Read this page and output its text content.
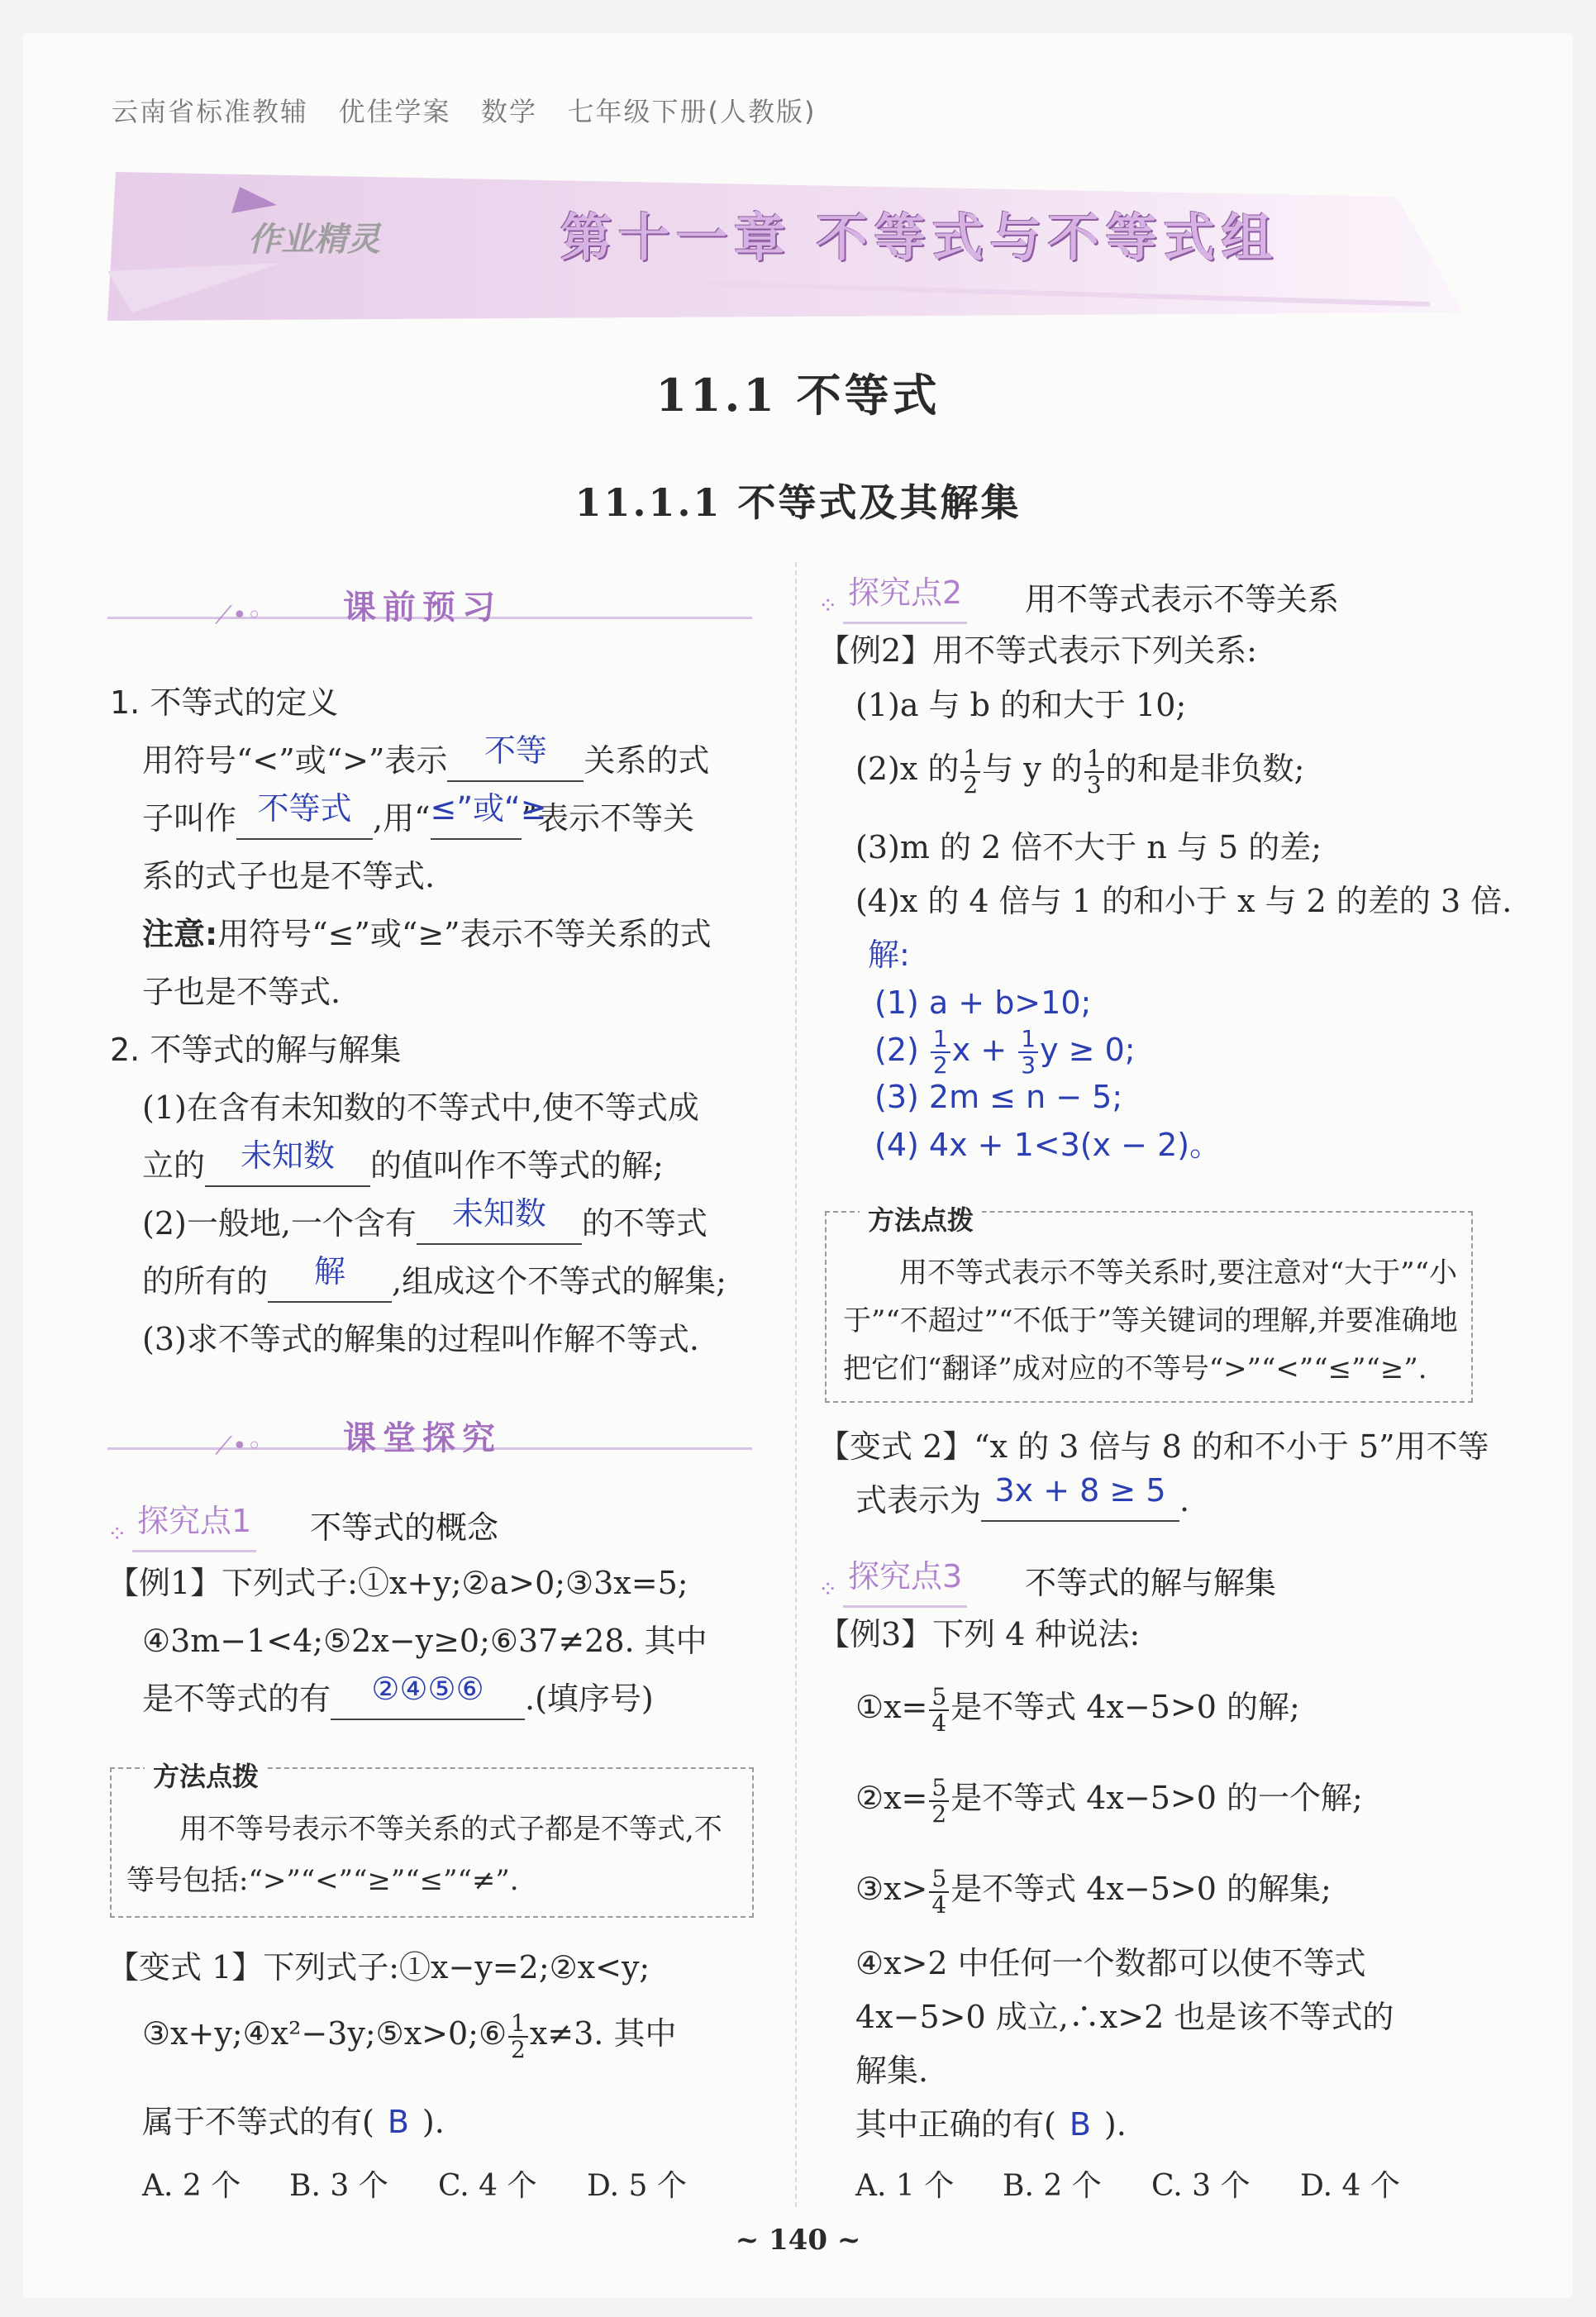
云南省标准教辅   优佳学案   数学   七年级下册(人教版)
作业精灵	第十一章 不等式与不等式组
11.1 不等式
11.1.1 不等式及其解集
⟋•◦ 课前预习
1. 不等式的定义
用符号“<”或“>”表示 不等 关系的式
子叫作 不等式 ,用“≤”或“≥”表示不等关
系的式子也是不等式.
注意:用符号“≤”或“≥”表示不等关系的式
子也是不等式.
2. 不等式的解与解集
(1)在含有未知数的不等式中,使不等式成
立的 未知数 的值叫作不等式的解;
(2)一般地,一个含有 未知数 的不等式
的所有的 解 ,组成这个不等式的解集;
(3)求不等式的解集的过程叫作解不等式.
⟋•◦ 课堂探究
⁘ 探究点1 不等式的概念
【例1】下列式子:①x+y;②a>0;③3x=5;
④3m−1<4;⑤2x−y≥0;⑥37≠28. 其中
是不等式的有 ②④⑤⑥ .(填序号)
方法点拨
用不等号表示不等关系的式子都是不等式,不
等号包括:“>”“<”“≥”“≤”“≠”.
【变式 1】下列式子:①x−y=2;②x<y;
③x+y;④x²−3y;⑤x>0;⑥ $\frac{1}{2} x\ne 3$. 其中
属于不等式的有( B ).
A. 2 个 B. 3 个 C. 4 个 D. 5 个
⁘ 探究点2 用不等式表示不等关系
【例2】用不等式表示下列关系:
(1)a 与 b 的和大于 10;
(2)x 的 $\frac{1}{2}$ 与 y 的 $\frac{1}{3}$ 的和是非负数;
(3)m 的 2 倍不大于 n 与 5 的差;
(4)x 的 4 倍与 1 的和小于 x 与 2 的差的 3 倍.
解:
(1) a + b>10;
$(2) \frac{1}{2}$ $x + \frac{1}{3}$ y ≥ 0;
(3) 2m ≤ n − 5;
(4) 4x + 1<3(x − 2)。
方法点拨
用不等式表示不等关系时,要注意对“大于”“小
于”“不超过”“不低于”等关键词的理解,并要准确地
把它们“翻译”成对应的不等号“>”“<”“≤”“≥”.
【变式 2】“x 的 3 倍与 8 的和不小于 5”用不等
式表示为 3x + 8 ≥ 5 .
⁘ 探究点3 不等式的解与解集
【例3】下列 4 种说法:
①x= $\frac{5}{4}$ 是不等式 4x−5>0 的解;
②x= $\frac{5}{2}$ 是不等式 4x−5>0 的一个解;
③x> $\frac{5}{4}$ 是不等式 4x−5>0 的解集;
④x>2 中任何一个数都可以使不等式
4x−5>0 成立,∴x>2 也是该不等式的
解集.
其中正确的有( B ).
A. 1 个 B. 2 个 C. 3 个 D. 4 个
~ 140 ~
